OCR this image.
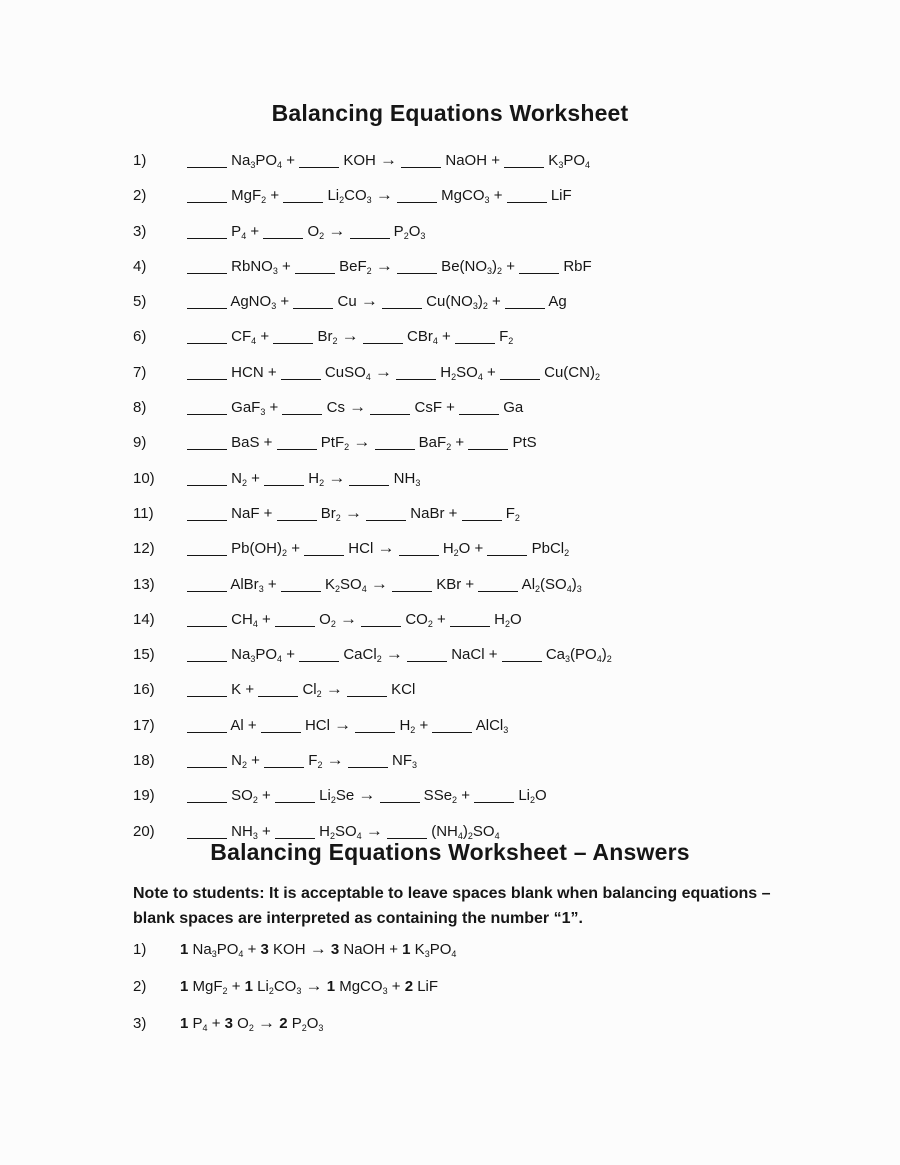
Balancing Equations Worksheet
1)	$Na_3PO_4$ +	KOH →	NaOH +	$K_3PO_4$
2)	MgF$_2$ +	$Li_2CO_3$ →	MgCO$_3$ +	LiF
3)	$P_4$ +	$O_2$ →	$P_2O_3$
4)	RbNO$_3$ +	BeF$_2$ →	$Be(NO_3)_2$ +	RbF
5)	AgNO$_3$ +	Cu →	$Cu(NO_3)_2$ +	Ag
6)	$CF_4$ +	$Br_2$ →	CBr$_4$ +	$F_2$
7)	HCN +	CuSO$_4$ →	$H_2SO_4$ +	$Cu(CN)_2$
8)	GaF$_3$ +	Cs →	CsF +	Ga
9)	BaS +	PtF$_2$ →	BaF$_2$ +	PtS
10)	$N_2$ +	$H_2$ →	$NH_3$
11)	NaF +	$Br_2$ →	NaBr +	$F_2$
12)	$Pb(OH)_2$ +	HCl →	$H_2O$ +	PbCl$_2$
13)	AlBr$_3$ +	$K_2SO_4$ →	KBr +	$Al_2(SO_4)_3$
14)	$CH_4$ +	$O_2$ →	$CO_2$ +	$H_2O$
15)	$Na_3PO_4$ +	CaCl$_2$ →	NaCl +	$Ca_3(PO_4)_2$
16)	K +	$Cl_2$ →	KCl
17)	Al +	HCl →	$H_2$ +	AlCl$_3$
18)	$N_2$ +	$F_2$ →	$NF_3$
19)	$SO_2$ +	$Li_2Se$ →	SSe$_2$ +	$Li_2O$
20)	$NH_3$ +	$H_2SO_4$ →	$(NH_4)_2SO_4$
Balancing Equations Worksheet – Answers
Note to students: It is acceptable to leave spaces blank when balancing equations – blank spaces are interpreted as containing the number “1”.
1) 1 $Na_3PO_4 + 3$ KOH → 3 NaOH + 1 $K_3PO_4$
2) 1 MgF$_2$ + 1 $Li_2CO_3 \to 1$ MgCO$_3$ + 2 LiF
3) 1 $P_4 + 3$ $O_2 \to 2$ $P_2O_3$
